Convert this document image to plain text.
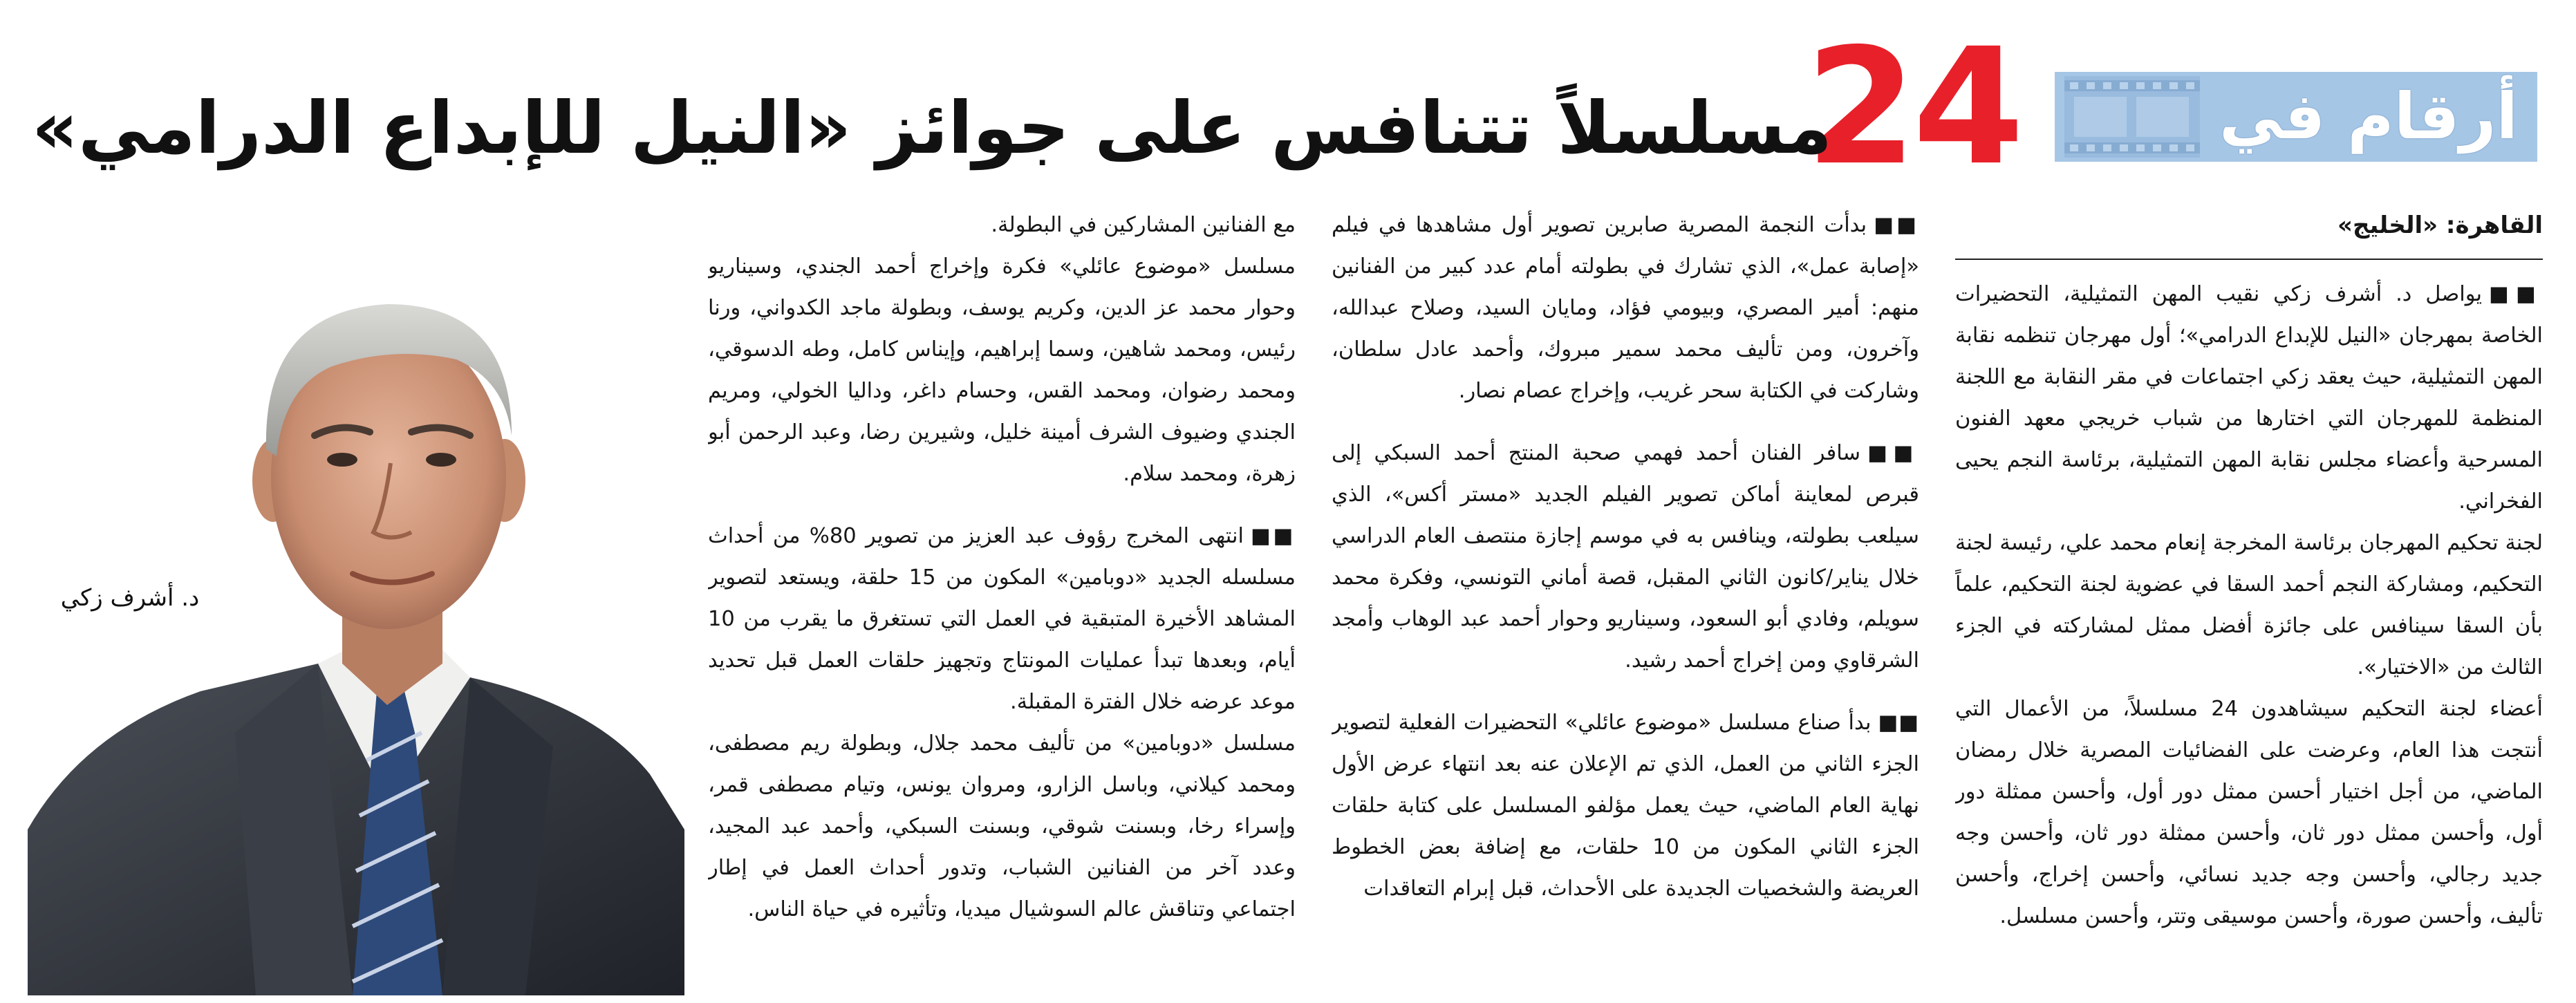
أرقام في
24
مسلسلاً تتنافس على جوائز «النيل للإبداع الدرامي»
القاهرة: «الخليج»

■■يواصل د. أشرف زكي نقيب المهن التمثيلية، التحضيرات الخاصة بمهرجان «النيل للإبداع الدرامي»؛ أول مهرجان تنظمه نقابة المهن التمثيلية، حيث يعقد زكي اجتماعات في مقر النقابة مع اللجنة المنظمة للمهرجان التي اختارها من شباب خريجي معهد الفنون المسرحية وأعضاء مجلس نقابة المهن التمثيلية، برئاسة النجم يحيى الفخراني.

لجنة تحكيم المهرجان برئاسة المخرجة إنعام محمد علي، رئيسة لجنة التحكيم، ومشاركة النجم أحمد السقا في عضوية لجنة التحكيم، علماً بأن السقا سينافس على جائزة أفضل ممثل لمشاركته في الجزء الثالث من «الاختيار».

أعضاء لجنة التحكيم سيشاهدون 24 مسلسلاً، من الأعمال التي أنتجت هذا العام، وعرضت على الفضائيات المصرية خلال رمضان الماضي، من أجل اختيار أحسن ممثل دور أول، وأحسن ممثلة دور أول، وأحسن ممثل دور ثان، وأحسن ممثلة دور ثان، وأحسن وجه جديد رجالي، وأحسن وجه جديد نسائي، وأحسن إخراج، وأحسن تأليف، وأحسن صورة، وأحسن موسيقى وتتر، وأحسن مسلسل.

■■بدأت النجمة المصرية صابرين تصوير أول مشاهدها في فيلم «إصابة عمل»، الذي تشارك في بطولته أمام عدد كبير من الفنانين منهم: أمير المصري، وبيومي فؤاد، ومايان السيد، وصلاح عبدالله، وآخرون، ومن تأليف محمد سمير مبروك، وأحمد عادل سلطان، وشاركت في الكتابة سحر غريب، وإخراج عصام نصار.

■■سافر الفنان أحمد فهمي صحبة المنتج أحمد السبكي إلى قبرص لمعاينة أماكن تصوير الفيلم الجديد «مستر أكس»، الذي سيلعب بطولته، وينافس به في موسم إجازة منتصف العام الدراسي خلال يناير/كانون الثاني المقبل، قصة أماني التونسي، وفكرة محمد سويلم، وفادي أبو السعود، وسيناريو وحوار أحمد عبد الوهاب وأمجد الشرقاوي ومن إخراج أحمد رشيد.

■■بدأ صناع مسلسل «موضوع عائلي» التحضيرات الفعلية لتصوير الجزء الثاني من العمل، الذي تم الإعلان عنه بعد انتهاء عرض الأول نهاية العام الماضي، حيث يعمل مؤلفو المسلسل على كتابة حلقات الجزء الثاني المكون من 10 حلقات، مع إضافة بعض الخطوط العريضة والشخصيات الجديدة على الأحداث، قبل إبرام التعاقدات

مع الفنانين المشاركين في البطولة.

مسلسل «موضوع عائلي» فكرة وإخراج أحمد الجندي، وسيناريو وحوار محمد عز الدين، وكريم يوسف، وبطولة ماجد الكدواني، ورنا رئيس، ومحمد شاهين، وسما إبراهيم، وإيناس كامل، وطه الدسوقي، ومحمد رضوان، ومحمد القس، وحسام داغر، وداليا الخولي، ومريم الجندي وضيوف الشرف أمينة خليل، وشيرين رضا، وعبد الرحمن أبو زهرة، ومحمد سلام.

■■انتهى المخرج رؤوف عبد العزيز من تصوير 80% من أحداث مسلسله الجديد «دوبامين» المكون من 15 حلقة، ويستعد لتصوير المشاهد الأخيرة المتبقية في العمل التي تستغرق ما يقرب من 10 أيام، وبعدها تبدأ عمليات المونتاج وتجهيز حلقات العمل قبل تحديد موعد عرضه خلال الفترة المقبلة.

مسلسل «دوبامين» من تأليف محمد جلال، وبطولة ريم مصطفى، ومحمد كيلاني، وباسل الزارو، ومروان يونس، وتيام مصطفى قمر، وإسراء رخا، وبسنت شوقي، وبسنت السبكي، وأحمد عبد المجيد، وعدد آخر من الفنانين الشباب، وتدور أحداث العمل في إطار اجتماعي وتناقش عالم السوشيال ميديا، وتأثيره في حياة الناس.

د. أشرف زكي
